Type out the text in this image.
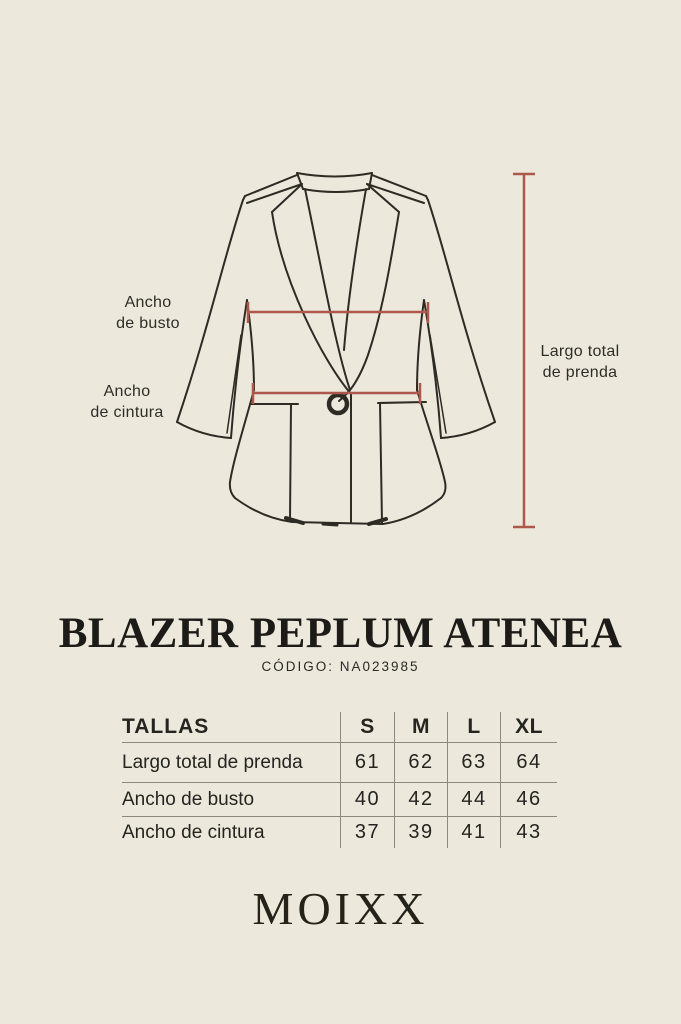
Ancho
de busto
Ancho
de cintura
Largo total
de prenda
BLAZER PEPLUM ATENEA
CÓDIGO: NA023985
TALLAS	S	M	L	XL
Largo total de prenda	61	62	63	64
Ancho de busto	40	42	44	46
Ancho de cintura	37	39	41	43
MOIXX
